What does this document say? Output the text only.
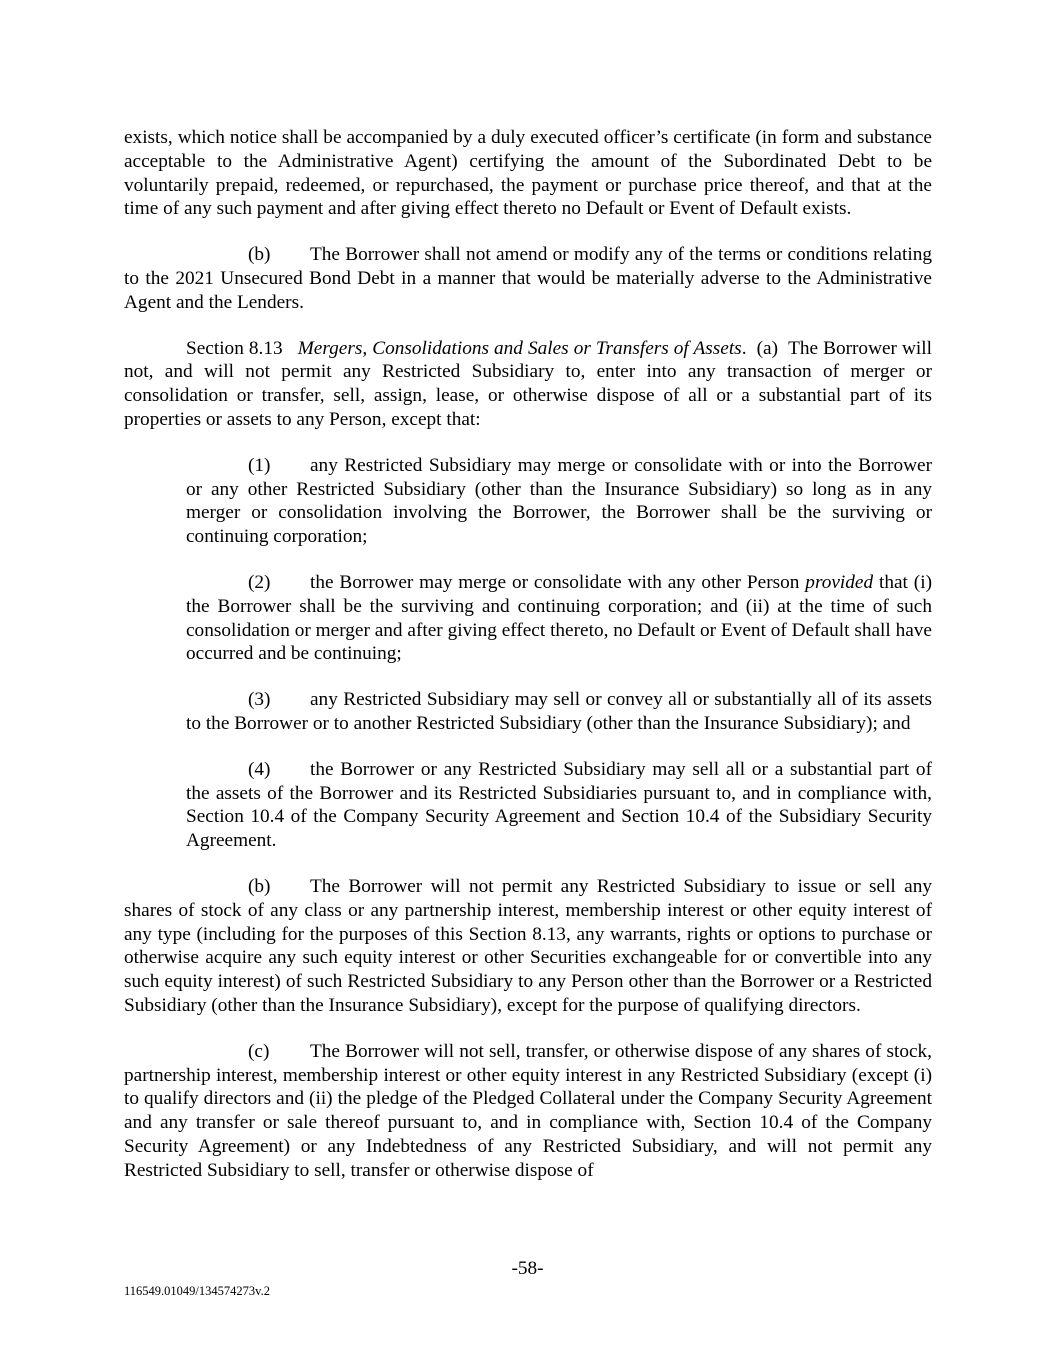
exists, which notice shall be accompanied by a duly executed officer’s certificate (in form and substance acceptable to the Administrative Agent) certifying the amount of the Subordinated Debt to be voluntarily prepaid, redeemed, or repurchased, the payment or purchase price thereof, and that at the time of any such payment and after giving effect thereto no Default or Event of Default exists.

(b) The Borrower shall not amend or modify any of the terms or conditions relating to the 2021 Unsecured Bond Debt in a manner that would be materially adverse to the Administrative Agent and the Lenders.

Section 8.13 Mergers, Consolidations and Sales or Transfers of Assets.  (a) The Borrower will not, and will not permit any Restricted Subsidiary to, enter into any transaction of merger or consolidation or transfer, sell, assign, lease, or otherwise dispose of all or a substantial part of its properties or assets to any Person, except that:

(1) any Restricted Subsidiary may merge or consolidate with or into the Borrower or any other Restricted Subsidiary (other than the Insurance Subsidiary) so long as in any merger or consolidation involving the Borrower, the Borrower shall be the surviving or continuing corporation;

(2) the Borrower may merge or consolidate with any other Person provided that (i) the Borrower shall be the surviving and continuing corporation; and (ii) at the time of such consolidation or merger and after giving effect thereto, no Default or Event of Default shall have occurred and be continuing;

(3) any Restricted Subsidiary may sell or convey all or substantially all of its assets to the Borrower or to another Restricted Subsidiary (other than the Insurance Subsidiary); and

(4) the Borrower or any Restricted Subsidiary may sell all or a substantial part of the assets of the Borrower and its Restricted Subsidiaries pursuant to, and in compliance with, Section 10.4 of the Company Security Agreement and Section 10.4 of the Subsidiary Security Agreement.

(b) The Borrower will not permit any Restricted Subsidiary to issue or sell any shares of stock of any class or any partnership interest, membership interest or other equity interest of any type (including for the purposes of this Section 8.13, any warrants, rights or options to purchase or otherwise acquire any such equity interest or other Securities exchangeable for or convertible into any such equity interest) of such Restricted Subsidiary to any Person other than the Borrower or a Restricted Subsidiary (other than the Insurance Subsidiary), except for the purpose of qualifying directors.

(c) The Borrower will not sell, transfer, or otherwise dispose of any shares of stock, partnership interest, membership interest or other equity interest in any Restricted Subsidiary (except (i) to qualify directors and (ii) the pledge of the Pledged Collateral under the Company Security Agreement and any transfer or sale thereof pursuant to, and in compliance with, Section 10.4 of the Company Security Agreement) or any Indebtedness of any Restricted Subsidiary, and will not permit any Restricted Subsidiary to sell, transfer or otherwise dispose of

-58-
116549.01049/134574273v.2
